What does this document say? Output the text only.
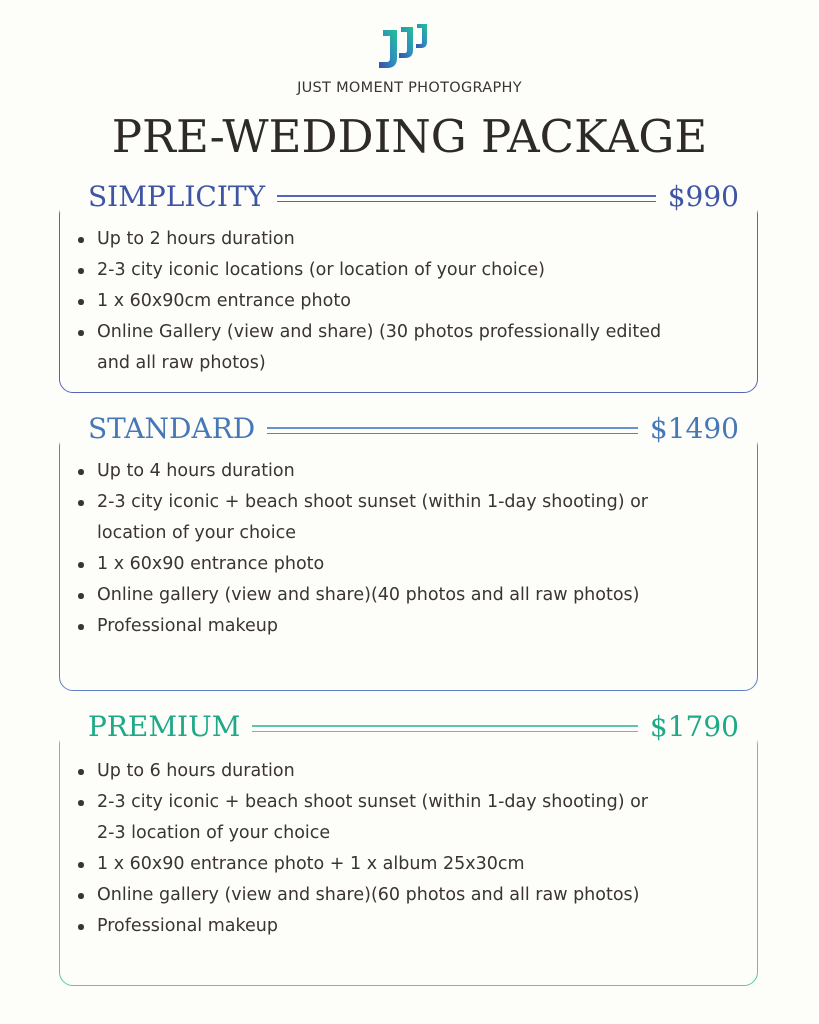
JUST MOMENT PHOTOGRAPHY
PRE-WEDDING PACKAGE
SIMPLICITY	$990
Up to 2 hours duration
2-3 city iconic locations (or location of your choice)
1 x 60x90cm entrance photo
Online Gallery (view and share) (30 photos professionally edited and all raw photos)
STANDARD	$1490
Up to 4 hours duration
2-3 city iconic + beach shoot sunset (within 1-day shooting) or location of your choice
1 x 60x90 entrance photo
Online gallery (view and share)(40 photos and all raw photos)
Professional makeup
PREMIUM	$1790
Up to 6 hours duration
2-3 city iconic + beach shoot sunset (within 1-day shooting) or 2-3 location of your choice
1 x 60x90 entrance photo + 1 x album 25x30cm
Online gallery (view and share)(60 photos and all raw photos)
Professional makeup
